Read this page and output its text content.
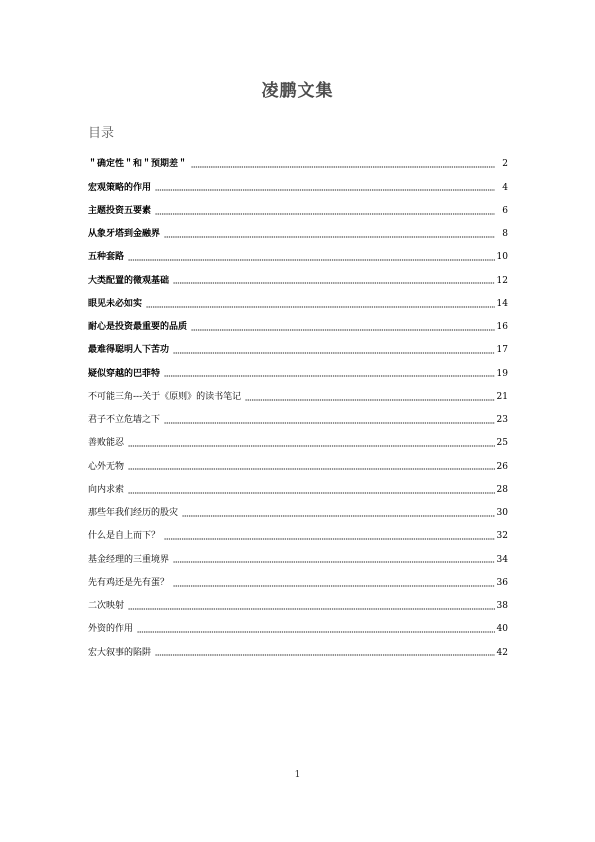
凌鹏文集
目录
＂确定性＂和＂预期差＂	2
宏观策略的作用	4
主题投资五要素	6
从象牙塔到金融界	8
五种套路	10
大类配置的微观基础	12
眼见未必如实	14
耐心是投资最重要的品质	16
最难得聪明人下苦功	17
疑似穿越的巴菲特	19
不可能三角---关于《原则》的读书笔记	21
君子不立危墙之下	23
善败能忍	25
心外无物	26
向内求索	28
那些年我们经历的股灾	30
什么是自上而下？	32
基金经理的三重境界	34
先有鸡还是先有蛋？	36
二次映射	38
外资的作用	40
宏大叙事的陷阱	42
1
